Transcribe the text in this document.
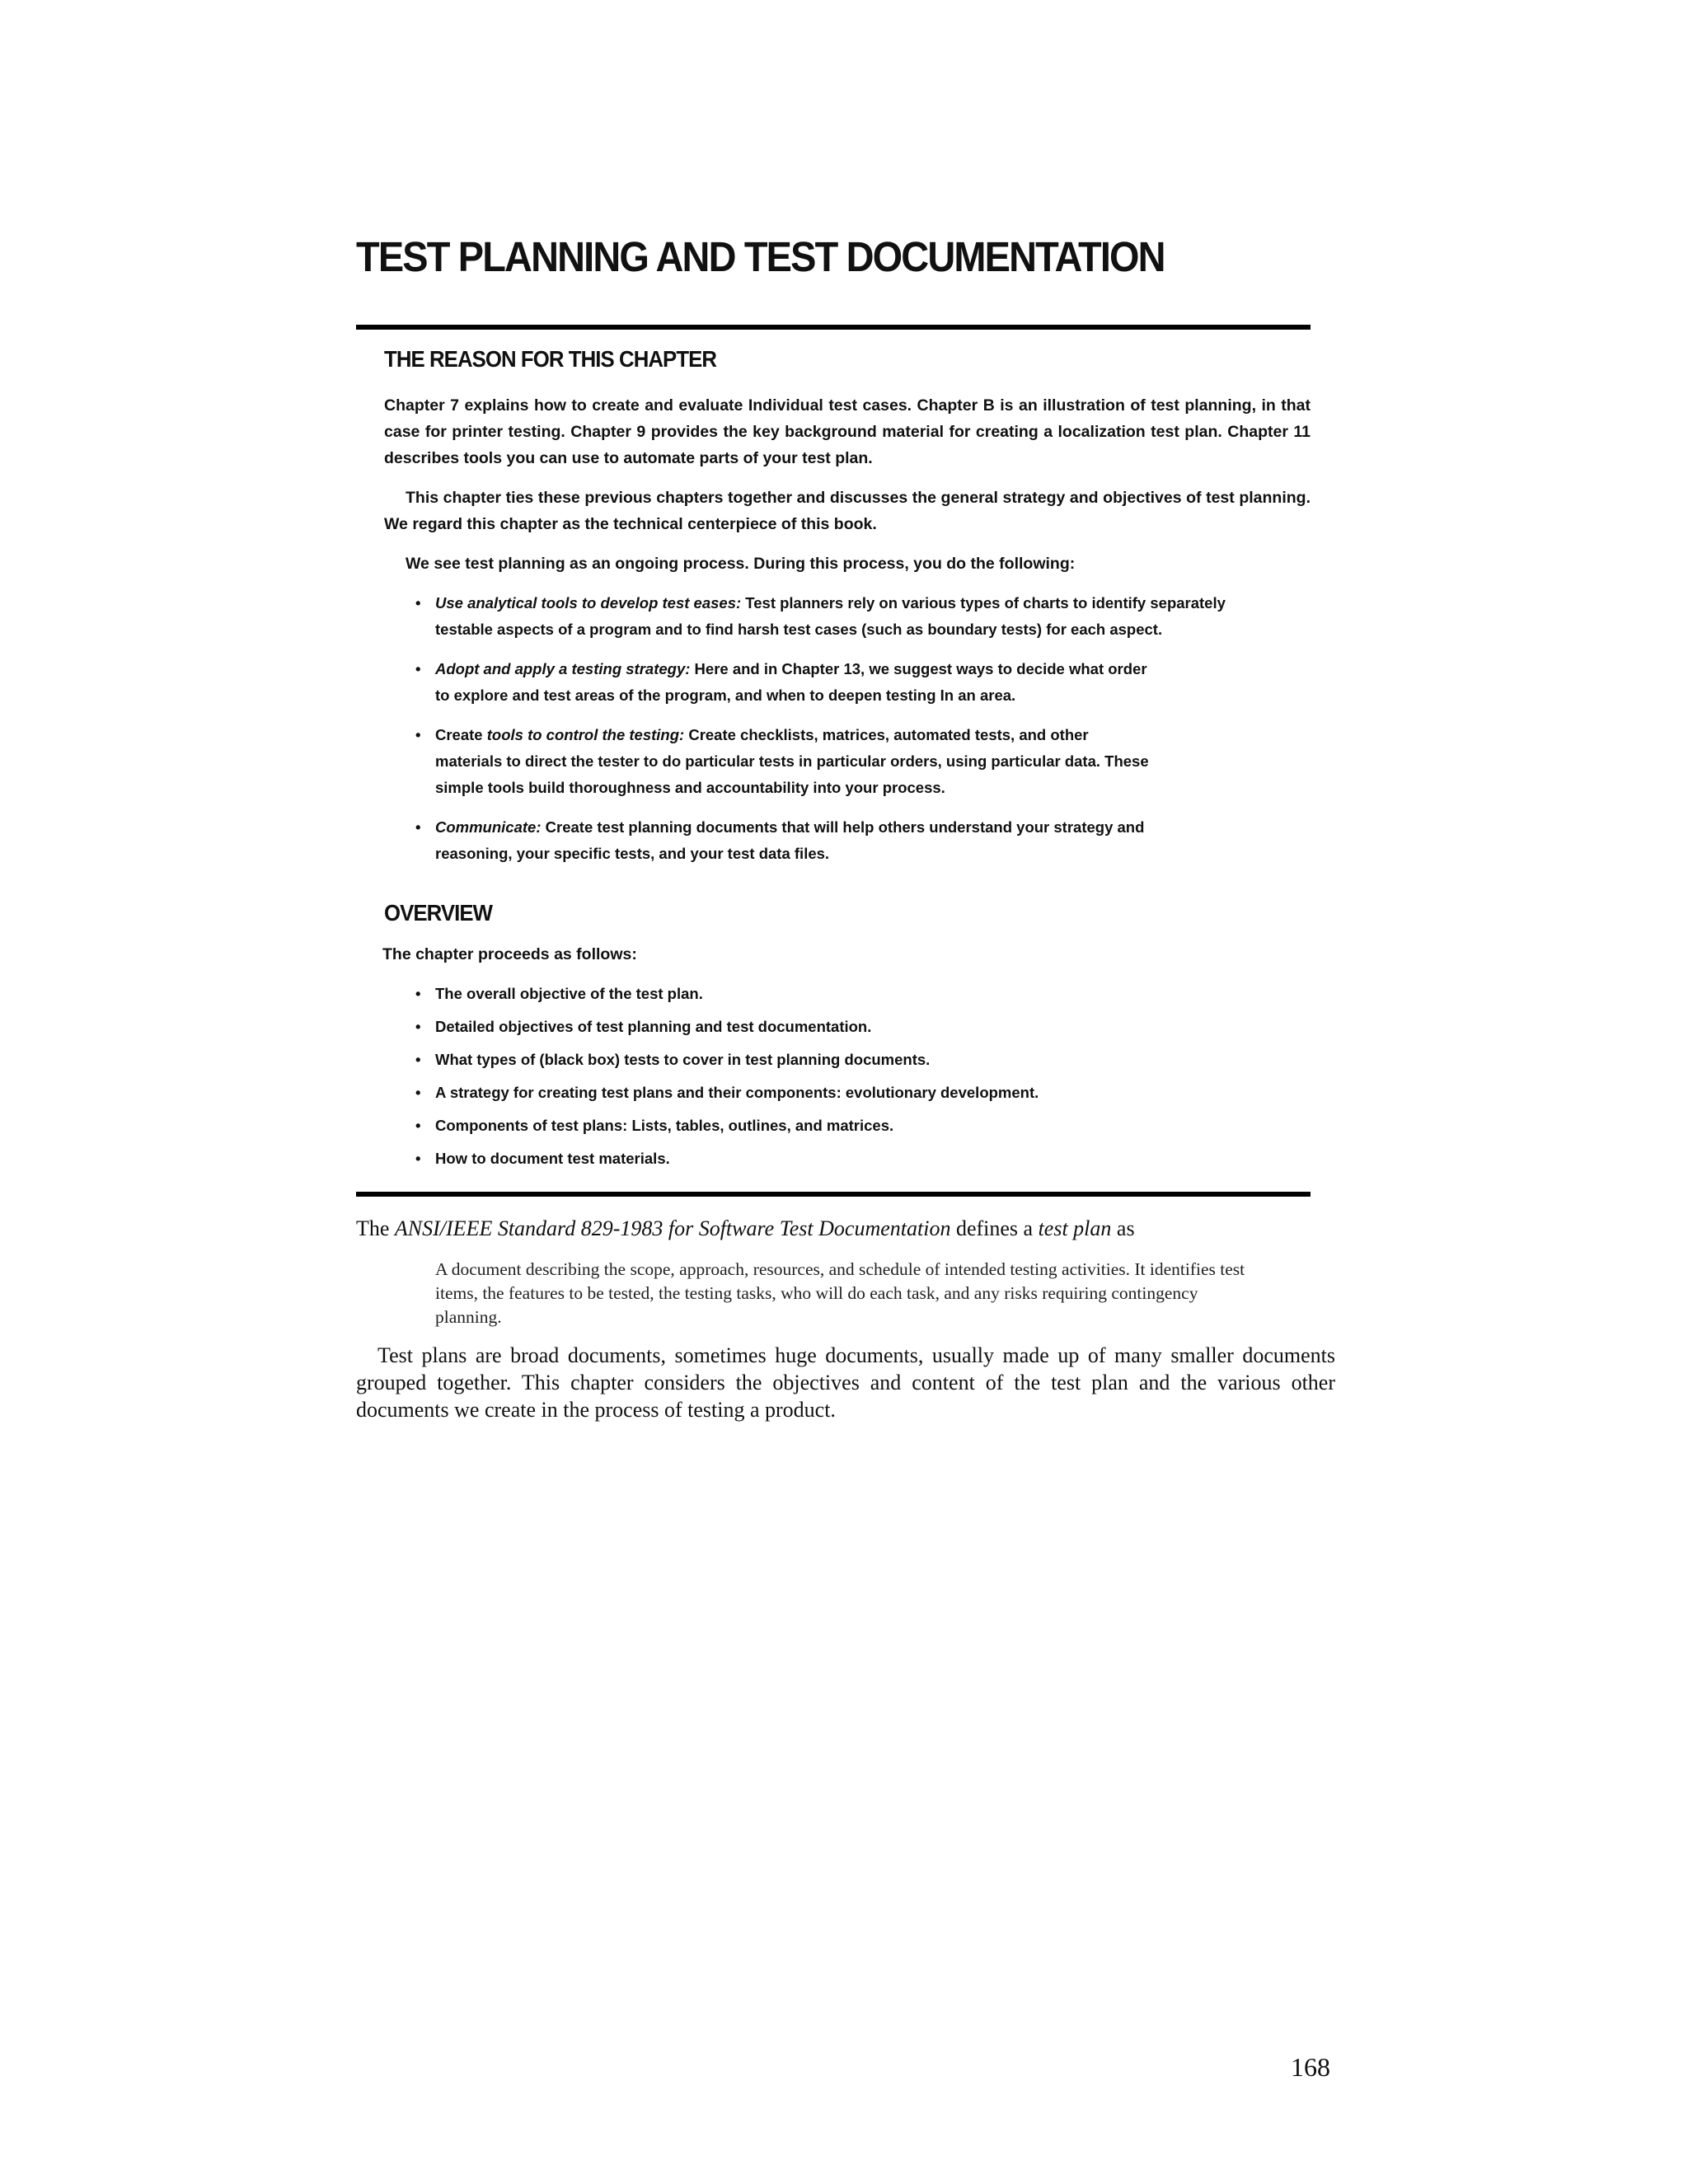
TEST PLANNING AND TEST DOCUMENTATION
THE REASON FOR THIS CHAPTER

Chapter 7 explains how to create and evaluate Individual test cases. Chapter B is an illustration of test planning, in that case for printer testing. Chapter 9 provides the key background material for creating a localization test plan. Chapter 11 describes tools you can use to automate parts of your test plan.

This chapter ties these previous chapters together and discusses the general strategy and objectives of test planning. We regard this chapter as the technical centerpiece of this book.

We see test planning as an ongoing process. During this process, you do the following:

• Use analytical tools to develop test eases: Test planners rely on various types of charts to identify separately testable aspects of a program and to find harsh test cases (such as boundary tests) for each aspect.
• Adopt and apply a testing strategy: Here and in Chapter 13, we suggest ways to decide what order to explore and test areas of the program, and when to deepen testing In an area.
• Create tools to control the testing: Create checklists, matrices, automated tests, and other materials to direct the tester to do particular tests in particular orders, using particular data. These simple tools build thoroughness and accountability into your process.
• Communicate: Create test planning documents that will help others understand your strategy and reasoning, your specific tests, and your test data files.
OVERVIEW

The chapter proceeds as follows:

• The overall objective of the test plan.
• Detailed objectives of test planning and test documentation.
• What types of (black box) tests to cover in test planning documents.
• A strategy for creating test plans and their components: evolutionary development.
• Components of test plans: Lists, tables, outlines, and matrices.
• How to document test materials.

The ANSI/IEEE Standard 829-1983 for Software Test Documentation defines a test plan as

A document describing the scope, approach, resources, and schedule of intended testing activities. It identifies test items, the features to be tested, the testing tasks, who will do each task, and any risks requiring contingency planning.

Test plans are broad documents, sometimes huge documents, usually made up of many smaller documents grouped together. This chapter considers the objectives and content of the test plan and the various other documents we create in the process of testing a product.

168
